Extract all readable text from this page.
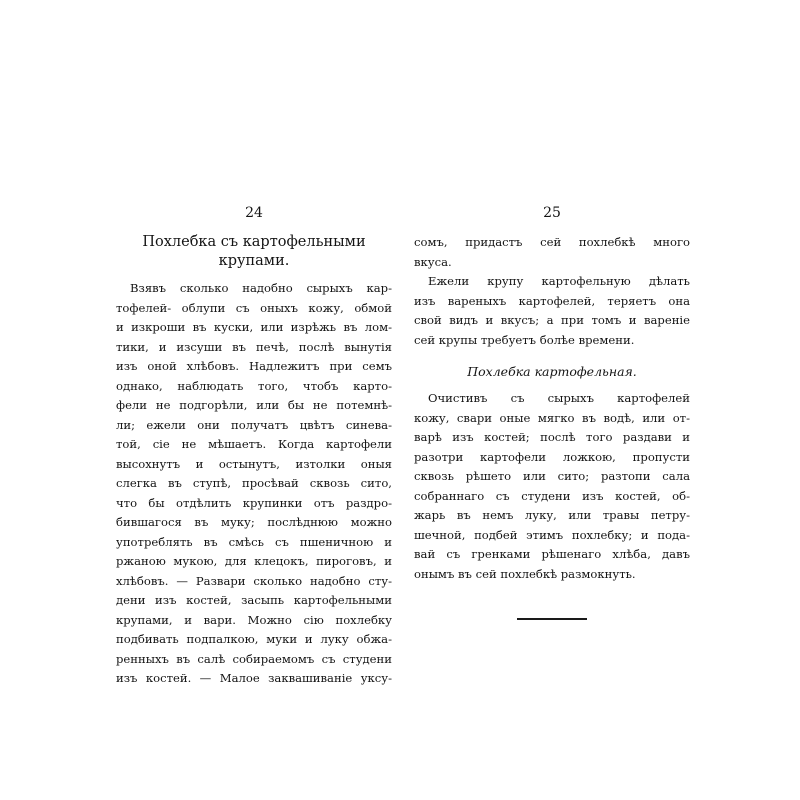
24
Похлебка съ картофельными
крупами.
Взявъ сколько надобно сырыхъ кар-
тофелей- облупи съ оныхъ кожу, обмой
и изкроши въ куски, или изрѣжь въ лом-
тики, и изсуши въ печѣ, послѣ вынутія
изъ оной хлѣбовъ. Надлежитъ при семъ
однако, наблюдать того, чтобъ карто-
фели не подгорѣли, или бы не потемнѣ-
ли; ежели они получатъ цвѣтъ синева-
той, сіе не мѣшаетъ. Когда картофели
высохнутъ и остынутъ, изтолки оныя
слегка въ ступѣ, просѣвай сквозь сито,
что бы отдѣлить крупинки отъ раздро-
бившагося въ муку; послѣднюю можно
употреблять въ смѣсь съ пшеничною и
ржаною мукою, для клецокъ, пироговъ, и
хлѣбовъ. — Развари сколько надобно сту-
дени изъ костей, засыпь картофельными
крупами, и вари. Можно сію похлебку
подбивать подпалкою, муки и луку обжа-
ренныхъ въ салѣ собираемомъ съ студени
изъ костей. — Малое заквашиваніе уксу-
25
сомъ, придастъ сей похлебкѣ много
вкуса.
Ежели крупу картофельную дѣлать
изъ вареныхъ картофелей, теряетъ она
свой видъ и вкусъ; а при томъ и вареніе
сей крупы требуетъ болѣе времени.
Похлебка картофельная.
Очистивъ съ сырыхъ картофелей
кожу, свари оные мягко въ водѣ, или от-
варѣ изъ костей; послѣ того раздави и
разотри картофели ложкою, пропусти
сквозь рѣшето или сито; разтопи сала
собраннаго съ студени изъ костей, об-
жарь въ немъ луку, или травы петру-
шечной, подбей этимъ похлебку; и пода-
вай съ гренками рѣшенаго хлѣба, давъ
онымъ въ сей похлебкѣ размокнуть.
